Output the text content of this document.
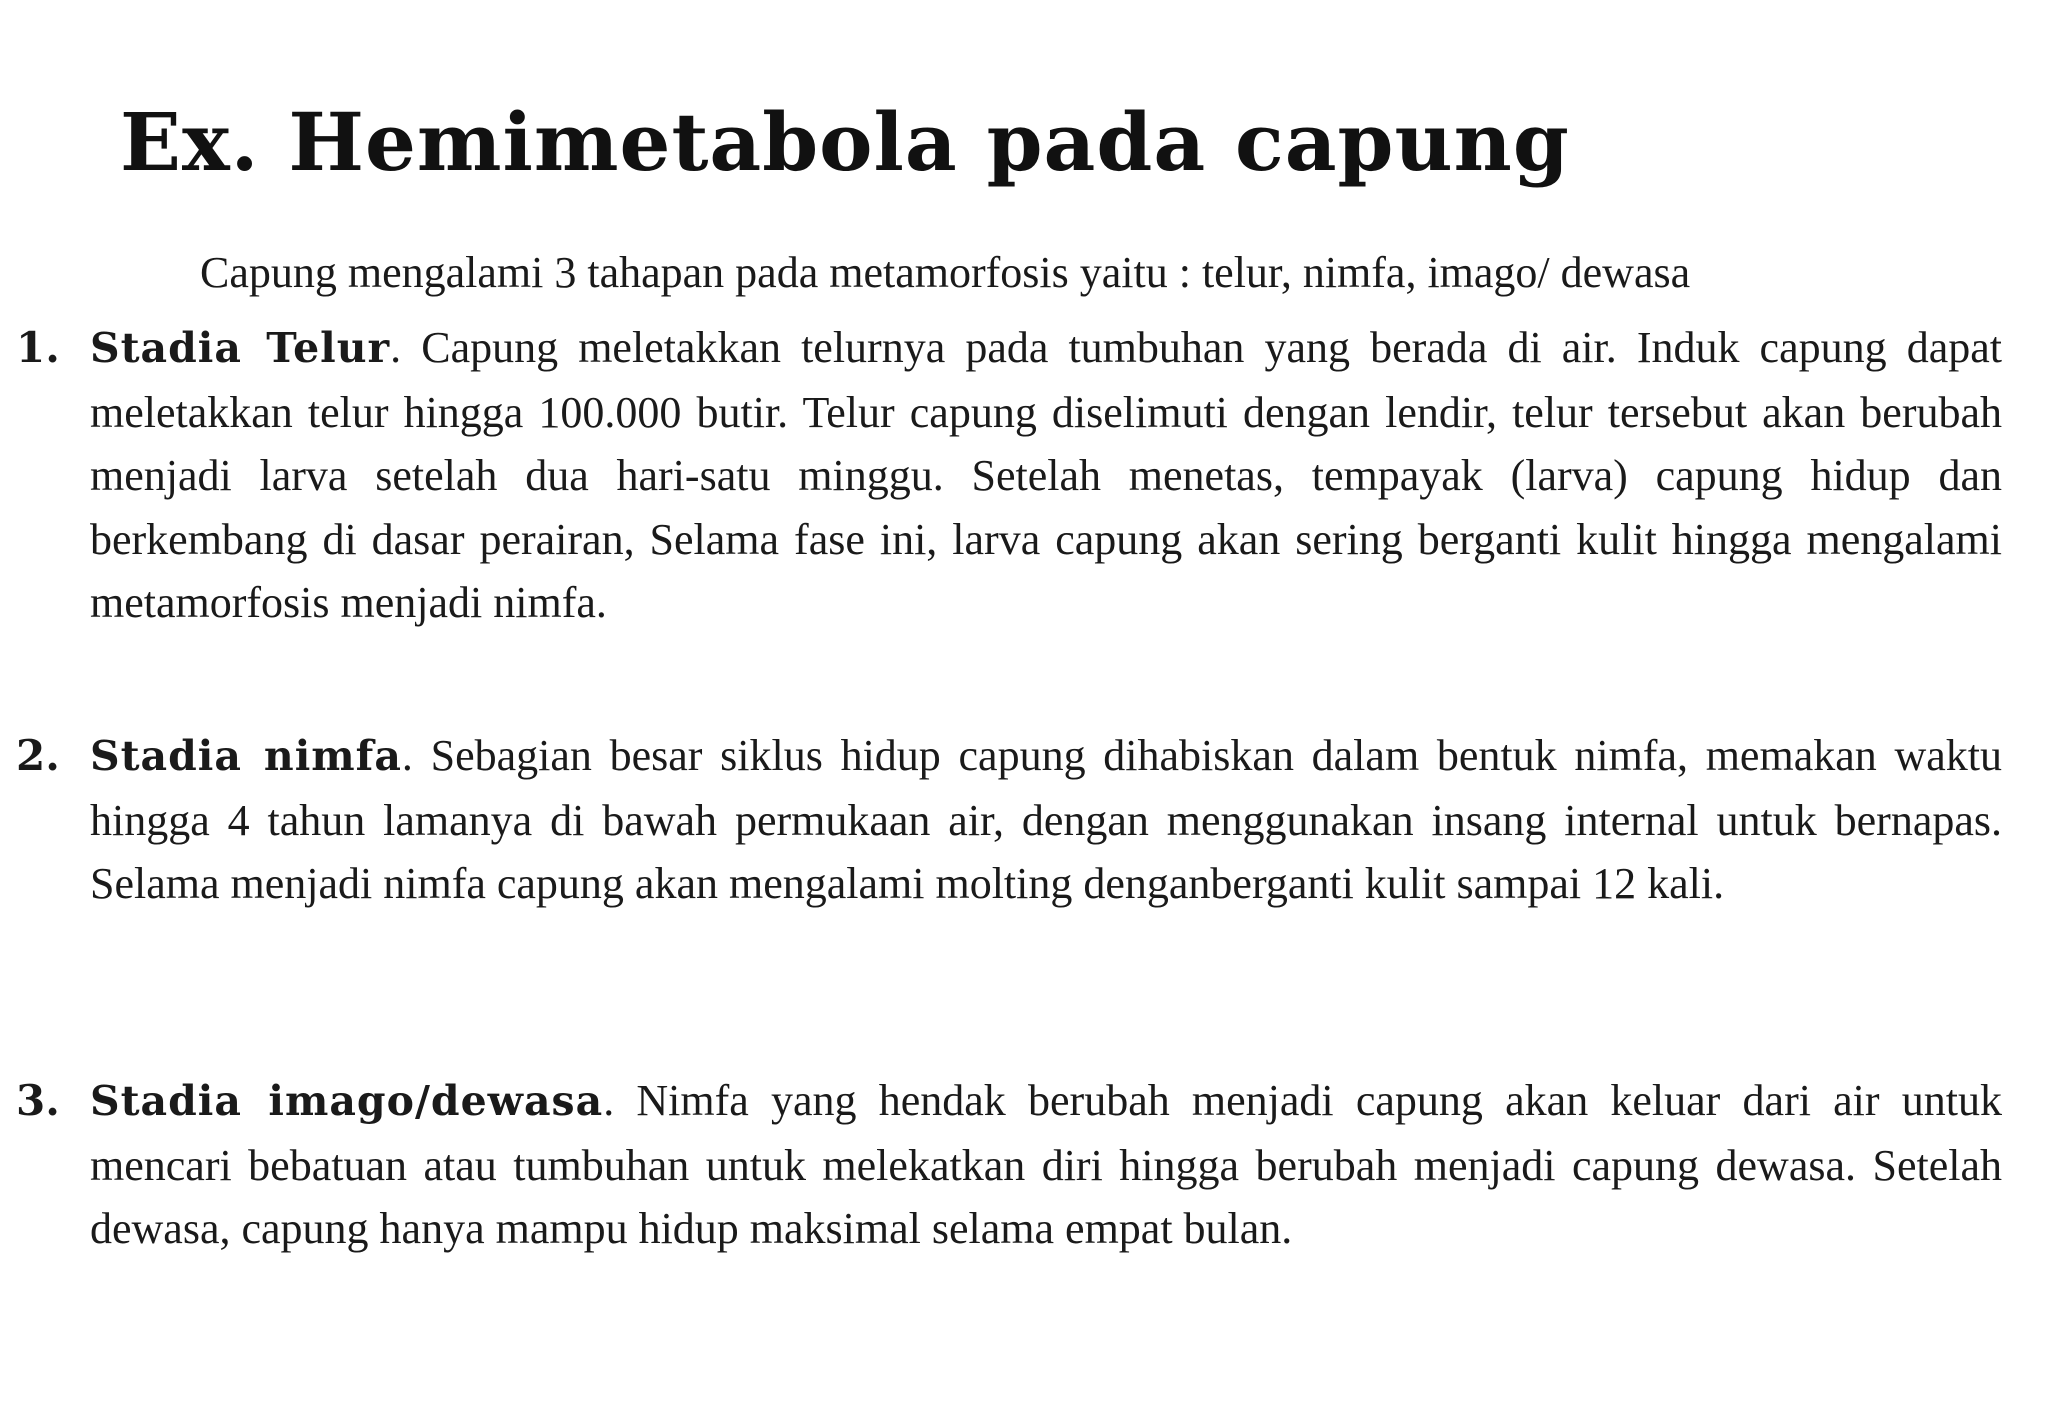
Ex. Hemimetabola pada capung

Capung mengalami 3 tahapan pada metamorfosis yaitu : telur, nimfa, imago/ dewasa

1. Stadia Telur. Capung meletakkan telurnya pada tumbuhan yang berada di air. Induk capung dapat meletakkan telur hingga 100.000 butir. Telur capung diselimuti dengan lendir, telur tersebut akan berubah menjadi larva setelah dua hari-satu minggu. Setelah menetas, tempayak (larva) capung hidup dan berkembang di dasar perairan, Selama fase ini, larva capung akan sering berganti kulit hingga mengalami metamorfosis menjadi nimfa.

2. Stadia nimfa. Sebagian besar siklus hidup capung dihabiskan dalam bentuk nimfa, memakan waktu hingga 4 tahun lamanya di bawah permukaan air, dengan menggunakan insang internal untuk bernapas. Selama menjadi nimfa capung akan mengalami molting denganberganti kulit sampai 12 kali.

3. Stadia imago/dewasa. Nimfa yang hendak berubah menjadi capung akan keluar dari air untuk mencari bebatuan atau tumbuhan untuk melekatkan diri hingga berubah menjadi capung dewasa. Setelah dewasa, capung hanya mampu hidup maksimal selama empat bulan.
